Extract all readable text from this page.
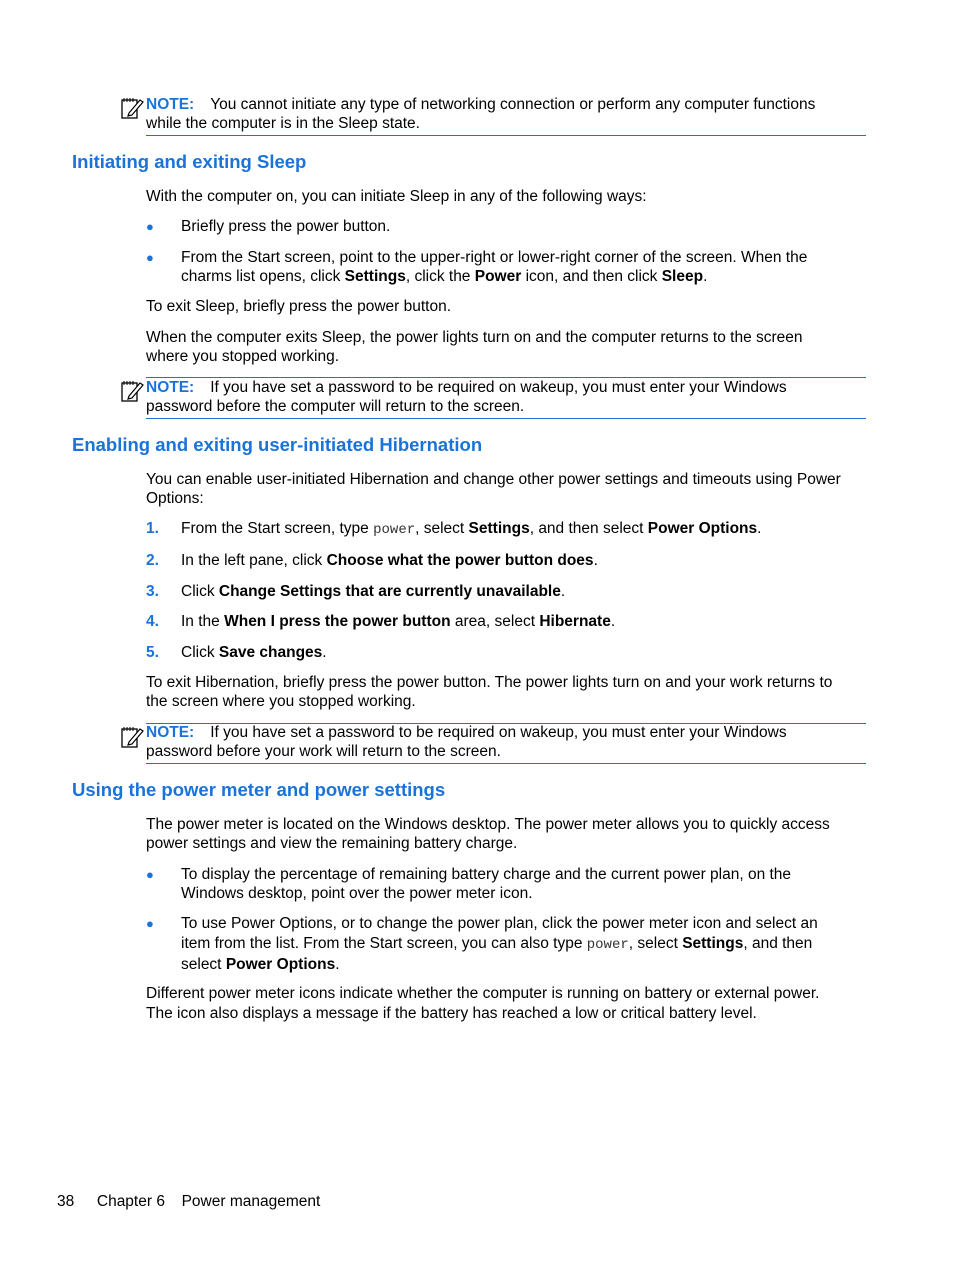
NOTE: You cannot initiate any type of networking connection or perform any computer functions
while the computer is in the Sleep state.
Initiating and exiting Sleep
With the computer on, you can initiate Sleep in any of the following ways:
● Briefly press the power button.
● From the Start screen, point to the upper-right or lower-right corner of the screen. When the
charms list opens, click Settings, click the Power icon, and then click Sleep.
To exit Sleep, briefly press the power button.
When the computer exits Sleep, the power lights turn on and the computer returns to the screen
where you stopped working.
NOTE: If you have set a password to be required on wakeup, you must enter your Windows
password before the computer will return to the screen.
Enabling and exiting user-initiated Hibernation
You can enable user-initiated Hibernation and change other power settings and timeouts using Power
Options:
1. From the Start screen, type power, select Settings, and then select Power Options.
2. In the left pane, click Choose what the power button does.
3. Click Change Settings that are currently unavailable.
4. In the When I press the power button area, select Hibernate.
5. Click Save changes.
To exit Hibernation, briefly press the power button. The power lights turn on and your work returns to
the screen where you stopped working.
NOTE: If you have set a password to be required on wakeup, you must enter your Windows
password before your work will return to the screen.
Using the power meter and power settings
The power meter is located on the Windows desktop. The power meter allows you to quickly access
power settings and view the remaining battery charge.
● To display the percentage of remaining battery charge and the current power plan, on the
Windows desktop, point over the power meter icon.
● To use Power Options, or to change the power plan, click the power meter icon and select an
item from the list. From the Start screen, you can also type power, select Settings, and then
select Power Options.
Different power meter icons indicate whether the computer is running on battery or external power.
The icon also displays a message if the battery has reached a low or critical battery level.
38 Chapter 6 Power management
